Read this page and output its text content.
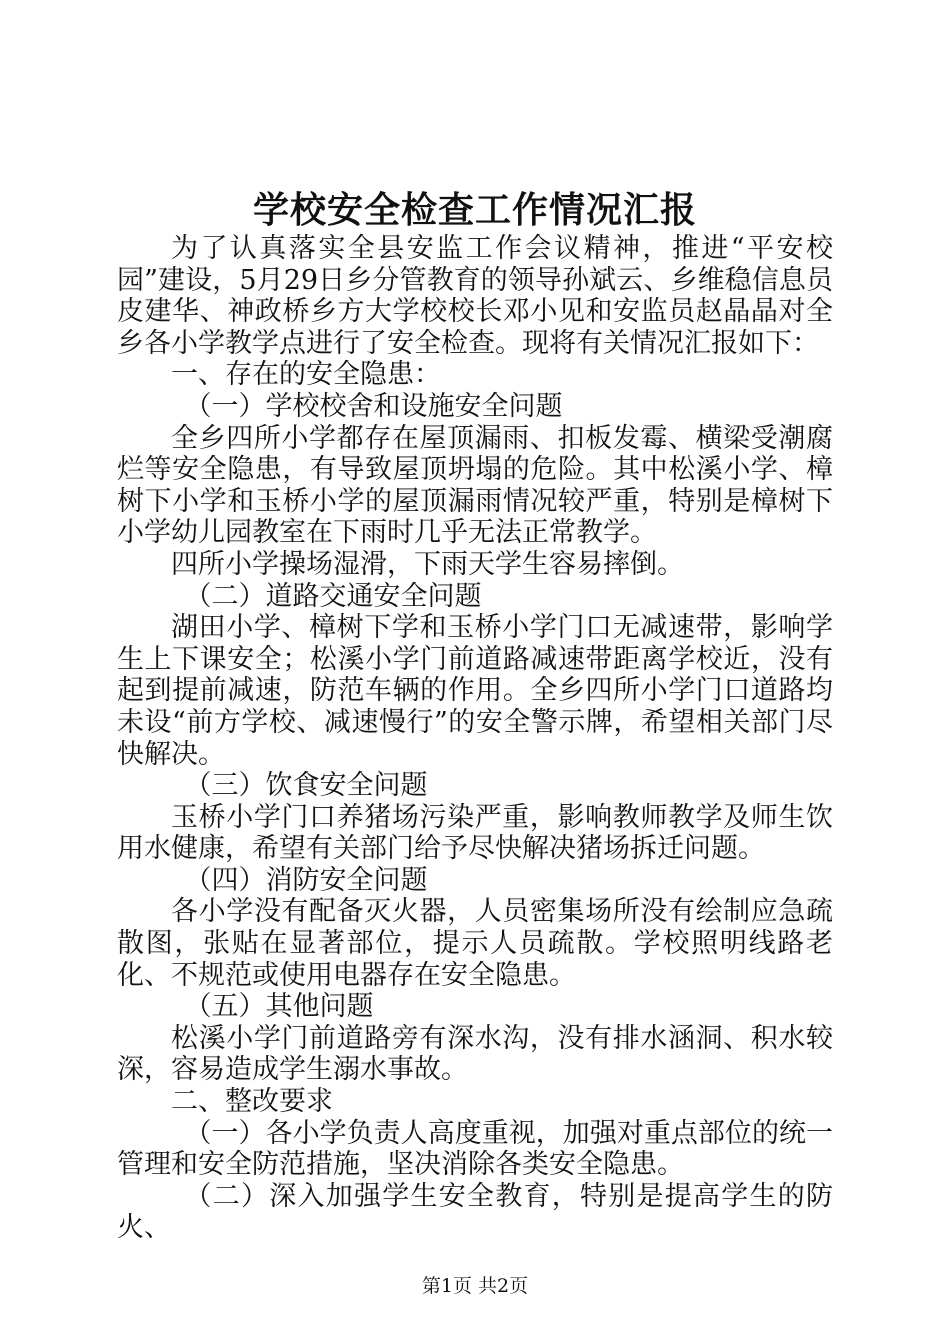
学校安全检查工作情况汇报

为了认真落实全县安监工作会议精神，推进“平安校园”建设，5月29日乡分管教育的领导孙斌云、乡维稳信息员皮建华、神政桥乡方大学校校长邓小见和安监员赵晶晶对全乡各小学教学点进行了安全检查。现将有关情况汇报如下：

一、存在的安全隐患：

（一）学校校舍和设施安全问题

全乡四所小学都存在屋顶漏雨、扣板发霉、横梁受潮腐烂等安全隐患，有导致屋顶坍塌的危险。其中松溪小学、樟树下小学和玉桥小学的屋顶漏雨情况较严重，特别是樟树下小学幼儿园教室在下雨时几乎无法正常教学。

四所小学操场湿滑，下雨天学生容易摔倒。

（二）道路交通安全问题

湖田小学、樟树下学和玉桥小学门口无减速带，影响学生上下课安全；松溪小学门前道路减速带距离学校近，没有起到提前减速，防范车辆的作用。全乡四所小学门口道路均未设“前方学校、减速慢行”的安全警示牌，希望相关部门尽快解决。

（三）饮食安全问题

玉桥小学门口养猪场污染严重，影响教师教学及师生饮用水健康，希望有关部门给予尽快解决猪场拆迁问题。

（四）消防安全问题

各小学没有配备灭火器，人员密集场所没有绘制应急疏散图，张贴在显著部位，提示人员疏散。学校照明线路老化、不规范或使用电器存在安全隐患。

（五）其他问题

松溪小学门前道路旁有深水沟，没有排水涵洞、积水较深，容易造成学生溺水事故。

二、整改要求

（一）各小学负责人高度重视，加强对重点部位的统一管理和安全防范措施，坚决消除各类安全隐患。

（二）深入加强学生安全教育，特别是提高学生的防火、

第1页 共2页
